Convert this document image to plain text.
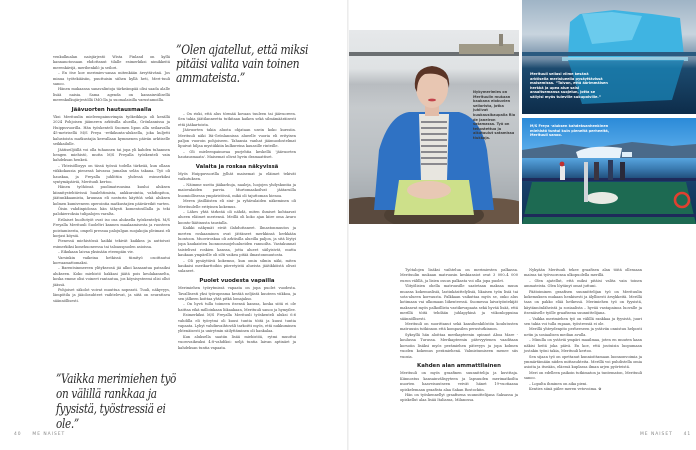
venkulkualan naisjärjestö Wista Finland on kyllä kannanotossaan ehdottanut tilalle esimerkiksi nimikkeitä merenkävijä, meribenkilö ja seilori.

– En itse koe merimies-sanaa mitenkään ärsyttävänä. Jos minua työtekiäisiin, puuttuisin siihen kyllä heti, Meri-tuuli sanoo.

Hänen mukaansa sanavalintoja tärkeämpää olisi saada alalle lisää naisia. Sama agenda on kansainvälisellä merenkulkujärjestöllä IMO:lla ja suomalaisilla varustamoilla.

Jäävuorten hautausmaalla

Yksi Merituulin mieleenpainuvimpia työkeikkoja oli kesällä 2024 Pohjoisen jäämeren arktisilla alueilla, Grönlannissa ja Huippuvuorilla. Hän työskenteli Suomen lipun alla seilaavalla 45-metrisellä M/S Freya -retkikunta-aluksella, joka kuljetti kalustoista matkustajia kerrallaan kymmenen päivän arktiselle seikkailulle.

Jäätiseiljöillä voi olla tuhannen tai jopa yli kahden tuhannen hengen miehistö, mutta M/S Freyalla työskenteli vain kahdeksan henkeä.

– Yhteisöllisyys on tässä työssä todella tärkeää, kun ollaan viikkokausia pienessä laivassa jumalan selän takana. Työ oli hauskaa, ja Freyalla juhlittiin yhdessä esimerkiksi syntymäpäiviä, Merituuli kertoo.

Hänen työhönsä puolimatruusina kuului aluksen kiinnitystehtävissä hualehtimista, ankkurointia, vahdinpitoa, jäätunkkaamista, kruunan eli nosturin käyttöä sekä aluksen kolmen kumiveneen operointia matkustajien pääväreikit varten.

Öisin vahdinpidossa hän tähysti komentosillalla ja teki palokierroksia tulipalojen varalta.

Erilaiset huoltotyöt ovat iso osa aluksella työskentelyä. M/S Freyalla Merituuli Suoleltri kannen maalaamisesta ja ruosteen poistamisesta, ompeli pressua palojulgan suojakojia pleimasi eli korjasi köysiä.

Pienessä miehistössä kaikki tekivät kaikkea ja auttoivat esimerkiksi konehuoneessa tai taloauspuolen asioissa.

– Eikukaan laivaa yksinään eteenpäin vie.

Varsinkin vaikeina hetkissä tiimityö osoittautui korvaamattomaksi.

– Barentsinmereen ylitykseosä jäi alkoi kasaantua patsaiksi alukseen. Koko miehistö hakkasi jäätä pois keulakannelta, koska emme olisi voineet rantautua, jos köysisysteemi olisi ollut jäässä.

Pohjoiset säkolot voivat muuttua nopeasti. Tuuli, näkyvyys, lämpötila ja jääolosuhteet vaihtelevat, ja siitä on seurattava säännöllisesti.

”Olen ajatellut, että miksi pitäisi valita vain toinen ammateista.”

– On riski, että alus törmää kovaan tuuleen tai jäävuoreen. Sen takia jäätilanneetta tutkitaan kaiken sekä silmämääräisesti että jääkartoista.

Jäävuorten takia aluota ohjataan usein koko kurssiin. Merituuli näki Itä-Grönlannissa alueelle vuoria eli erityisen paljon vuoroin pohjoiseen. Tahansia vanhat jäämuodostelmat lipuivat hiljaa mystiikkiin kulkureina kauasille rinteille.

– Oli mieleenpainuvaa purjehtia keskellä 'jäävuorten hautausmaata'. Maisemat olivat hyvin dramaattiset.

Valaita ja roskaa näkyvissä

Myös Huippuvuorilla jylhät maisemat ja eläimet tekivät vaikutuksen.

– Näimme useita jääkarhuja, naaleja, luojojen yhdyskuntia ja maiovalaiden parvia. Murtomaakoilvat jäätaruilla huomiollisessa ympäristössä, mikä oli tajuttoman hienoa.

Meren jäsilläisten eli sini- ja ryhävalaiden näkeminen oli Merituulelle erityinen kokemus.

– Lähes yhtä tärkeää oli nähdä, miten ihmiset kohtaavat alueen eläimet meriensä. Meillä oli koko ajan kiire oma Avaro koonto-läätinusta taustalla.

Kaikki näkymät eivät ilahduttaneet. Ilmastonmuutos ja merten roskaaminen ovat jättäneet merkkinsä herkkään luontoon. Muoviroskaa oli arktisilla alueilla paljon, ja sitä löytyi jopa kaukaisten luonnonsuojelualueiden rannoilta. Vastakunnat taistelivat roskien kanssa, jotta alueet säilyisivät, mutta kaukaan ympärille oli silti vaikea pitää ilmastonmuutosta.

– Oli pysäyttävä kokemus, kun omin silmin näki, miten kaukaisi merikarttoihin piirretyistä alueista jäätikköistä olivat sulaneet.

Puolet vuodesta vapailla

Merimiehen työrytmissä vapaata on jopa puolet vuodesta. Tavallisesti yksi työrupeama kestää neljästä kuuteen viikkoa, ja sen jälkeen koittaa yhtä pitkä lomajakso.

– On hyvä tulla toimeen itsensä kanssa, koska siitä ei ole haittaa eikä milloinkaan liikaakaan, Merituuli sanoo ja hymyilee.

Esimerkiksi M/S Freyalla Merituuli työskenteli aluksi 6:6 vahdilla eli työrytmi oli kuusi tuntia töitä ja kuusi tuntia vapaata. Lyhyt vahdinvaihtoväli tarkoitti myös, että nukkuminen yhtenäisesti ja unirytmin säilyttäminen oli hankalaa.

Kun aluksella saatiin lisää miehistöä, rytmi muuttui vuorovaikeaksi 4:8-vahdiksi: neljä tuntia laivan aptinäet ja kahdeksan tuntia vapaata.

”Vaikka merimiehen työ on välillä rankkaa ja fyysistä, työstressiä ei ole.”
40 ME NAISET
Nykymerimies on Merituulin mukaan kaukana elokuvien seilorista, jotka juhlivat kuukausikaupalla Rio de Janeiron satamassa. Työ on tehostettua ja aikataulut satamissa tiukkoja.
Merituuli seilasi viime kesänä arktisella merialueella pysäyttävissä maisemissa. ”Toivon, että äärimmäisen herkkä ja upea alue saisi ansaitsemansa suojelun, jotta se säilyisi myös tuleville sukupolville.”
M/S Freya -aluksen kahdeksanhenkinen miehistö tuntui kuin pieneltä perheeltä, Merituuli sanoo.

Työtalojen lisäksi vaihtelua on merimiesten palkassa. Merituulin mukaan matruusin keskiansiot ovat 3 000–4 000 euron välillä, ja lisien osuus palkasta voi olla jopa puolet.

Ylityölisien ohella matruusille saatetaan maksaa muun muassa kokemuslisiä, lastinkäsittelylisiä, likaisen työn lisiä tai sota-alueen korvausta. Palkkaan vaikuttaa myös se, onko alus kotimaan vai ulkomaan liikenteessä. Suomessa laivatyöntekijät maksavat myös palkoillista vastikevapaata sekä hyvää lisää, että merillä töitä tehdään juhlapyhinä ja viikonloppuina säännöllisesti.

Merituuli on suorittanut sekä kansihenkilöstön koulutusten matruusin tutkinnon että kompasilen perustutkinnon.

Syksyllä hän aloittaa merikapteenin opinnot Aboa Mare -koulussa Turussa. Merikapteenin pätevyytenen vaaditaan korsoiin lisäksi myös perämiehen pätevyys ja jopa kolmen vuoden kokemus perämiehenä. Valmistumiseen menee siis vuosia.

Kahden alan ammattilainen

Merituuli on myös graafinen suunnittelija ja kuvittaja. Kiinnostus kansainvälisyyteen ja lapsuuden merimatkoilta nuorten haaveisuutseen veivät hänet 19-vuotiaana opiskelemaan graafista alaa Sakan Rostockiin.

Hän on työskennellyt graafisena suunnittelijana Saksassa ja opiskellut alaa lisää Italiassa, Milanossa.

Nykyään Merituuli tekee graafisen alan töitä ollessaan maissa tai työvuoronsa ulkopuolella merillä.

– Olen ajatellut, että miksi pitäisi valita vain toinen ammateista. Olen löytänyt omat juttuni.

Päätoiminen graafisen suunnittelijan työ on Merituulin kokemuksen mukaan henkisesti ja älyllisesti ärsykkeitä. Merillä taas on pakko elää hetkessä. Merimiehen työ on fyysistä, käytännönläheistä ja sosiaalista – hyvää vastapainoa luovalle ja itsenäiselle työlle graafisena suunnittelijana.

– Vaikka merimiehen työ on välillä rankkaa ja fyysistä, juuri sen takia voi tulla rupaan, työstressiä ei ole.

Merillä yhteydenpito perheeseen ja ystäviin onnistuu helposti netin ja sosiaalisen median avulla.

– Minulla on ystäviä ympäri maailmaa, joten en muuten kaan näkisi heitä joka päivä. En koe, että joutuisin luopumaan jostakin työni takia, Merituuli kertoo.

Sen sijaan työ on opettanut kunnioittamaan luonnonvoimia ja ymmärtämään niiden mittasuhteita. Merillä voi puhdistella omia asioita ja itseään, eläessä kuplassa ilman arjen pyörteistä.

Meri on edelleen paikoin tutkimaton ja tuntematon, Merituuli sanoo.

– Lopulta ihminen on aika pieni.

Kenties siinä piilee meren vetovoima. ✿

ME NAISET 41
